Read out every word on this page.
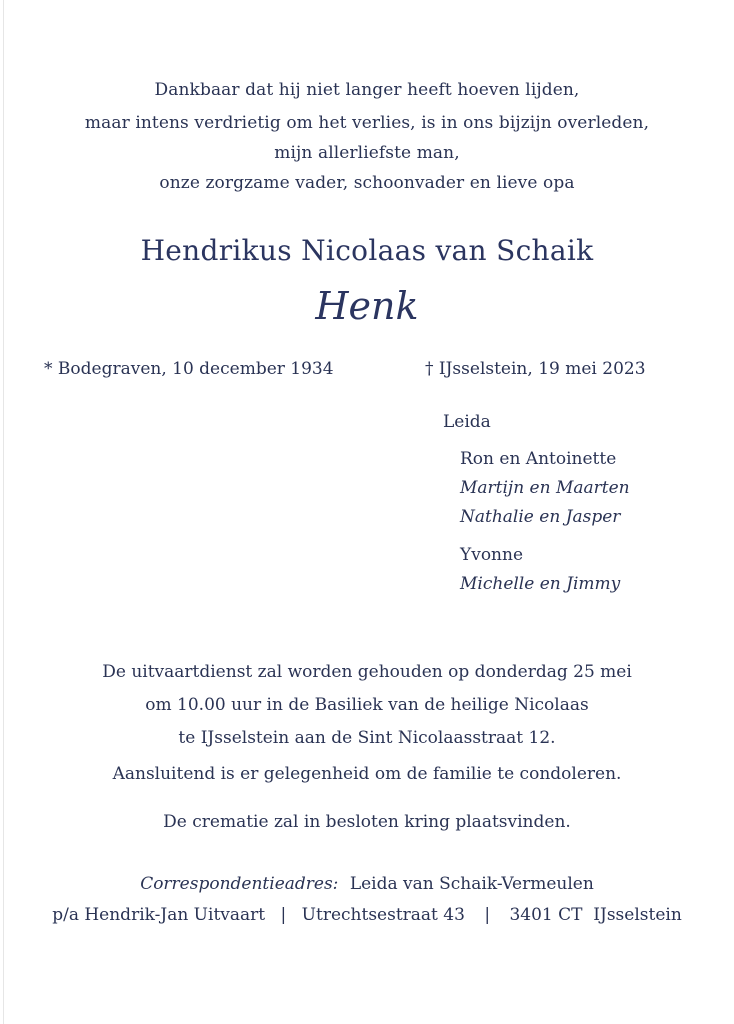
Dankbaar dat hij niet langer heeft hoeven lijden,
maar intens verdrietig om het verlies, is in ons bijzijn overleden,
mijn allerliefste man,
onze zorgzame vader, schoonvader en lieve opa
Hendrikus Nicolaas van Schaik
Henk
* Bodegraven, 10 december 1934	† IJsselstein, 19 mei 2023
Leida
Ron en Antoinette
Martijn en Maarten
Nathalie en Jasper
Yvonne
Michelle en Jimmy
De uitvaartdienst zal worden gehouden op donderdag 25 mei
om 10.00 uur in de Basiliek van de heilige Nicolaas
te IJsselstein aan de Sint Nicolaasstraat 12.
Aansluitend is er gelegenheid om de familie te condoleren.
De crematie zal in besloten kring plaatsvinden.
Correspondentieadres: Leida van Schaik-Vermeulen
p/a Hendrik-Jan Uitvaart | Utrechtsestraat 43 | 3401 CT  IJsselstein
